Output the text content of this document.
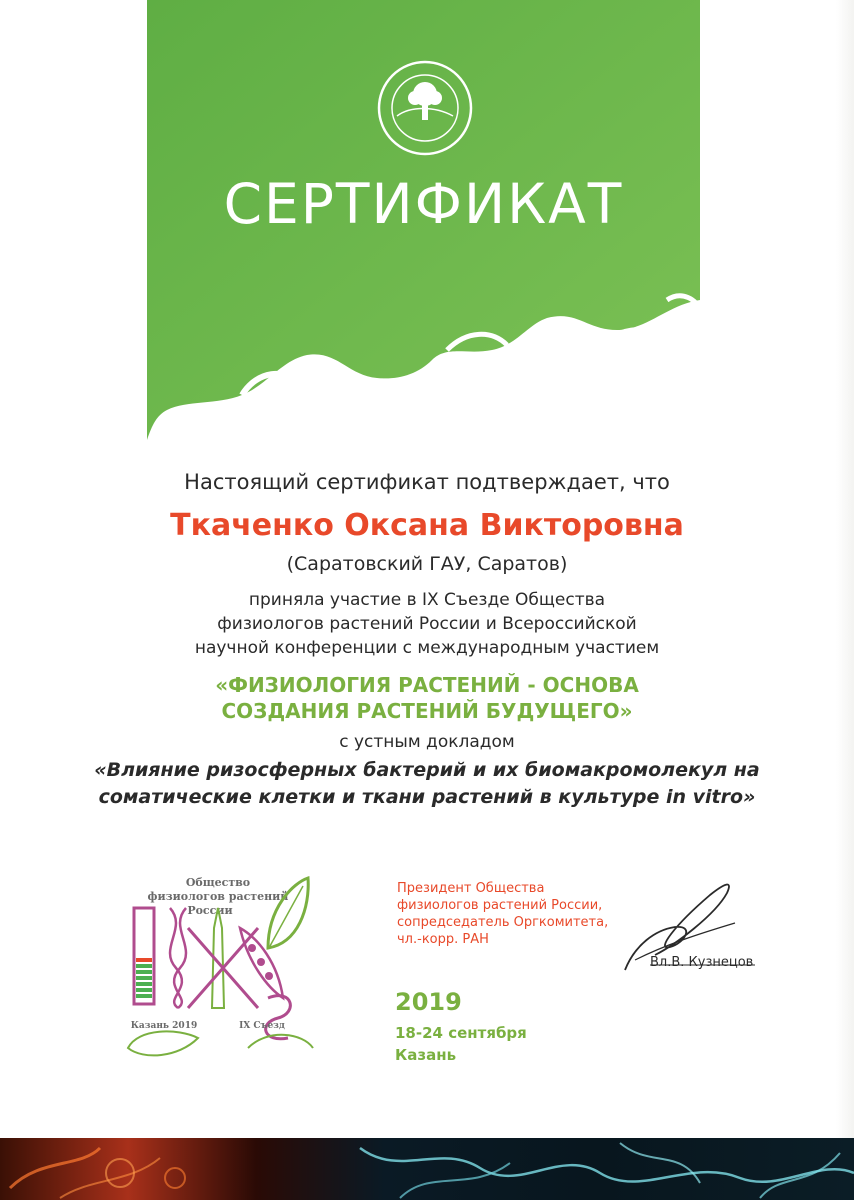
СЕРТИФИКАТ
Настоящий сертификат подтверждает, что
Ткаченко Оксана Викторовна
(Саратовский ГАУ, Саратов)
приняла участие в IX Съезде Общества
физиологов растений России и Всероссийской
научной конференции с международным участием
«ФИЗИОЛОГИЯ РАСТЕНИЙ - ОСНОВА
СОЗДАНИЯ РАСТЕНИЙ БУДУЩЕГО»
с устным докладом
«Влияние ризосферных бактерий и их биомакромолекул на
соматические клетки и ткани растений в культуре in vitro»
Общество
физиологов растений
России
Казань 2019	IX Съезд
Президент Общества
физиологов растений России,
сопредседатель Оргкомитета,
чл.-корр. РАН
Вл.В. Кузнецов
2019
18-24 сентября
Казань
